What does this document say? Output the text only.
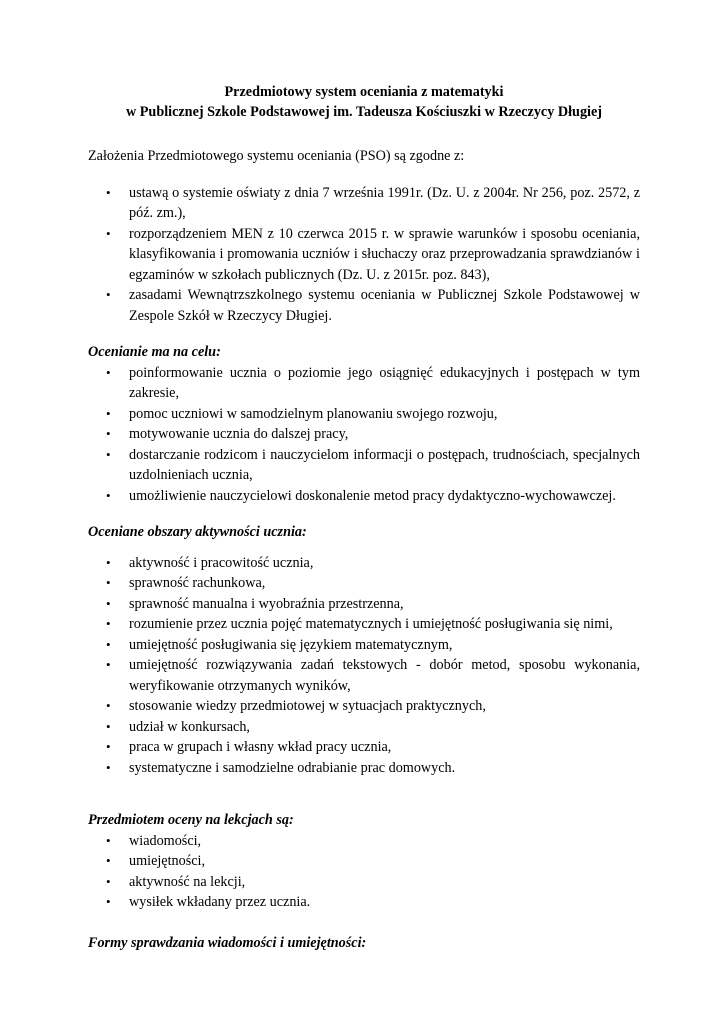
Przedmiotowy system oceniania z matematyki
w Publicznej Szkole Podstawowej im. Tadeusza Kościuszki w Rzeczycy Długiej

Założenia Przedmiotowego systemu oceniania (PSO) są zgodne z:

• ustawą o systemie oświaty z dnia 7 września 1991r. (Dz. U. z 2004r. Nr 256, poz. 2572, z póź. zm.),
• rozporządzeniem MEN z 10 czerwca 2015 r. w sprawie warunków i sposobu oceniania, klasyfikowania i promowania uczniów i słuchaczy oraz przeprowadzania sprawdzianów i egzaminów w szkołach publicznych (Dz. U. z 2015r. poz. 843),
• zasadami Wewnątrzszkolnego systemu oceniania w Publicznej Szkole Podstawowej w Zespole Szkół w Rzeczycy Długiej.

Ocenianie ma na celu:

• poinformowanie ucznia o poziomie jego osiągnięć edukacyjnych i postępach w tym zakresie,
• pomoc uczniowi w samodzielnym planowaniu swojego rozwoju,
• motywowanie ucznia do dalszej pracy,
• dostarczanie rodzicom i nauczycielom informacji o postępach, trudnościach, specjalnych uzdolnieniach ucznia,
• umożliwienie nauczycielowi doskonalenie metod pracy dydaktyczno-wychowawczej.

Oceniane obszary aktywności ucznia:

• aktywność i pracowitość ucznia,
• sprawność rachunkowa,
• sprawność manualna i wyobraźnia przestrzenna,
• rozumienie przez ucznia pojęć matematycznych i umiejętność posługiwania się nimi,
• umiejętność posługiwania się językiem matematycznym,
• umiejętność rozwiązywania zadań tekstowych - dobór metod, sposobu wykonania, weryfikowanie otrzymanych wyników,
• stosowanie wiedzy przedmiotowej w sytuacjach praktycznych,
• udział w konkursach,
• praca w grupach i własny wkład pracy ucznia,
• systematyczne i samodzielne odrabianie prac domowych.

Przedmiotem oceny na lekcjach są:

• wiadomości,
• umiejętności,
• aktywność na lekcji,
• wysiłek wkładany przez ucznia.

Formy sprawdzania wiadomości i umiejętności:
